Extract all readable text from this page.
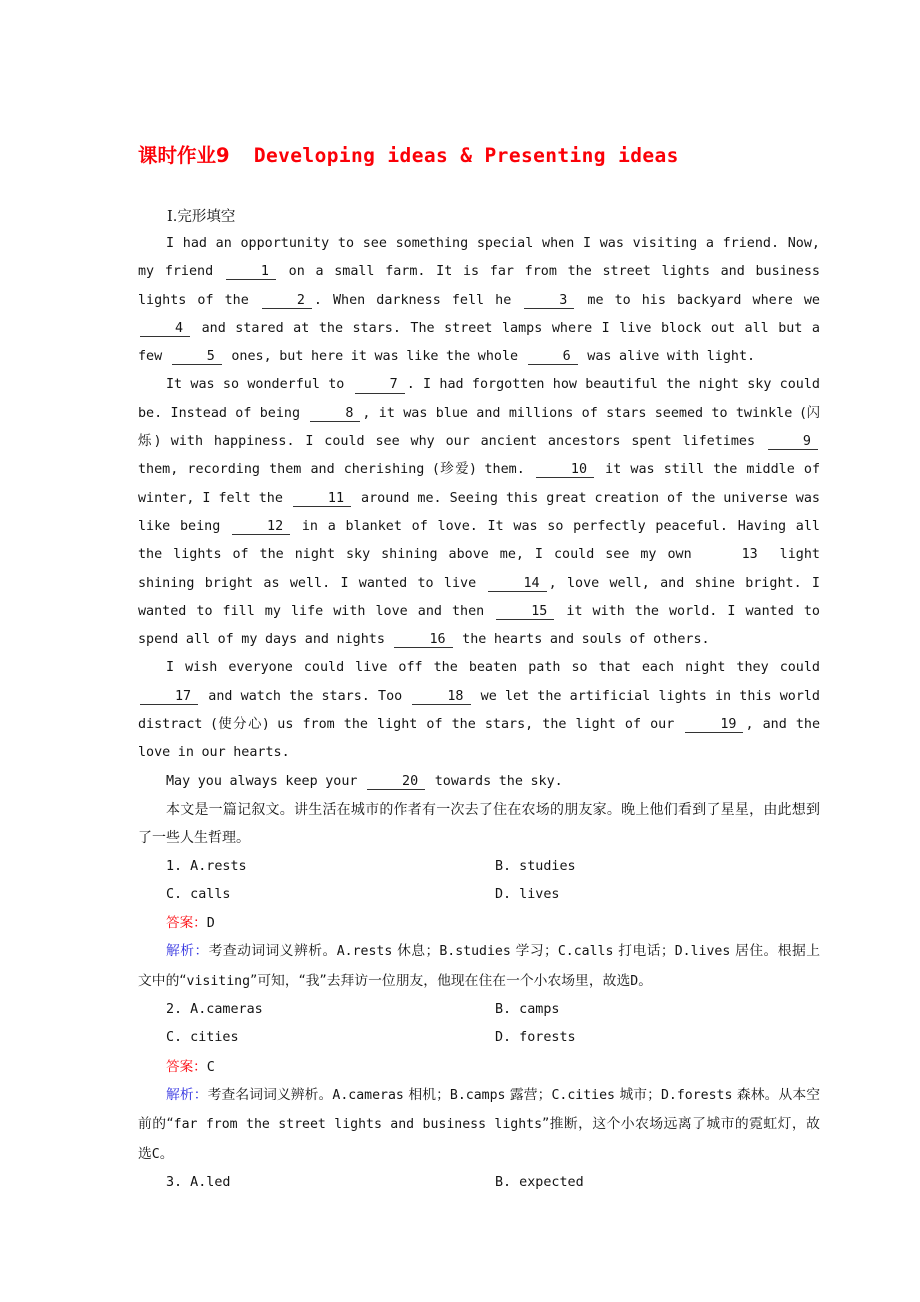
课时作业9 Developing ideas & Presenting ideas
Ⅰ.完形填空

I had an opportunity to see something special when I was visiting a friend. Now, my friend	1 on a small farm. It is far from the street lights and business lights of the	2 . When darkness fell he	3 me to his backyard where we 4 and stared at the stars. The street lamps where I live block out all but a few	5 ones, but here it was like the whole	6 was alive with light.

It was so wonderful to	7 . I had forgotten how beautiful the night sky could be. Instead of being	8 , it was blue and millions of stars seemed to twinkle (闪烁) with happiness. I could see why our ancient ancestors spent lifetimes	9 them, recording them and cherishing (珍爱) them.	10 it was still the middle of winter, I felt the	11 around me. Seeing this great creation of the universe was like being	12 in a blanket of love. It was so perfectly peaceful. Having all the lights of the night sky shining above me, I could see my own	13 light shining bright as well. I wanted to live	14 , love well, and shine bright. I wanted to fill my life with love and then	15 it with the world. I wanted to spend all of my days and nights	16 the hearts and souls of others.

I wish everyone could live off the beaten path so that each night they could 17 and watch the stars. Too	18 we let the artificial lights in this world distract (使分心) us from the light of the stars, the light of our	19 , and the love in our hearts.

May you always keep your	20 towards the sky.

本文是一篇记叙文。讲生活在城市的作者有一次去了住在农场的朋友家。晚上他们看到了星星，由此想到了一些人生哲理。

1. A.rests	B. studies
C. calls	D. lives
答案：D

解析：考查动词词义辨析。A.rests 休息；B.studies 学习；C.calls 打电话；D.lives 居住。根据上文中的“visiting”可知，“我”去拜访一位朋友，他现在住在一个小农场里，故选D。

2. A.cameras	B. camps
C. cities	D. forests
答案：C

解析：考查名词词义辨析。A.cameras 相机；B.camps 露营；C.cities 城市；D.forests 森林。从本空前的“far from the street lights and business lights”推断，这个小农场远离了城市的霓虹灯，故选C。

3. A.led	B. expected
